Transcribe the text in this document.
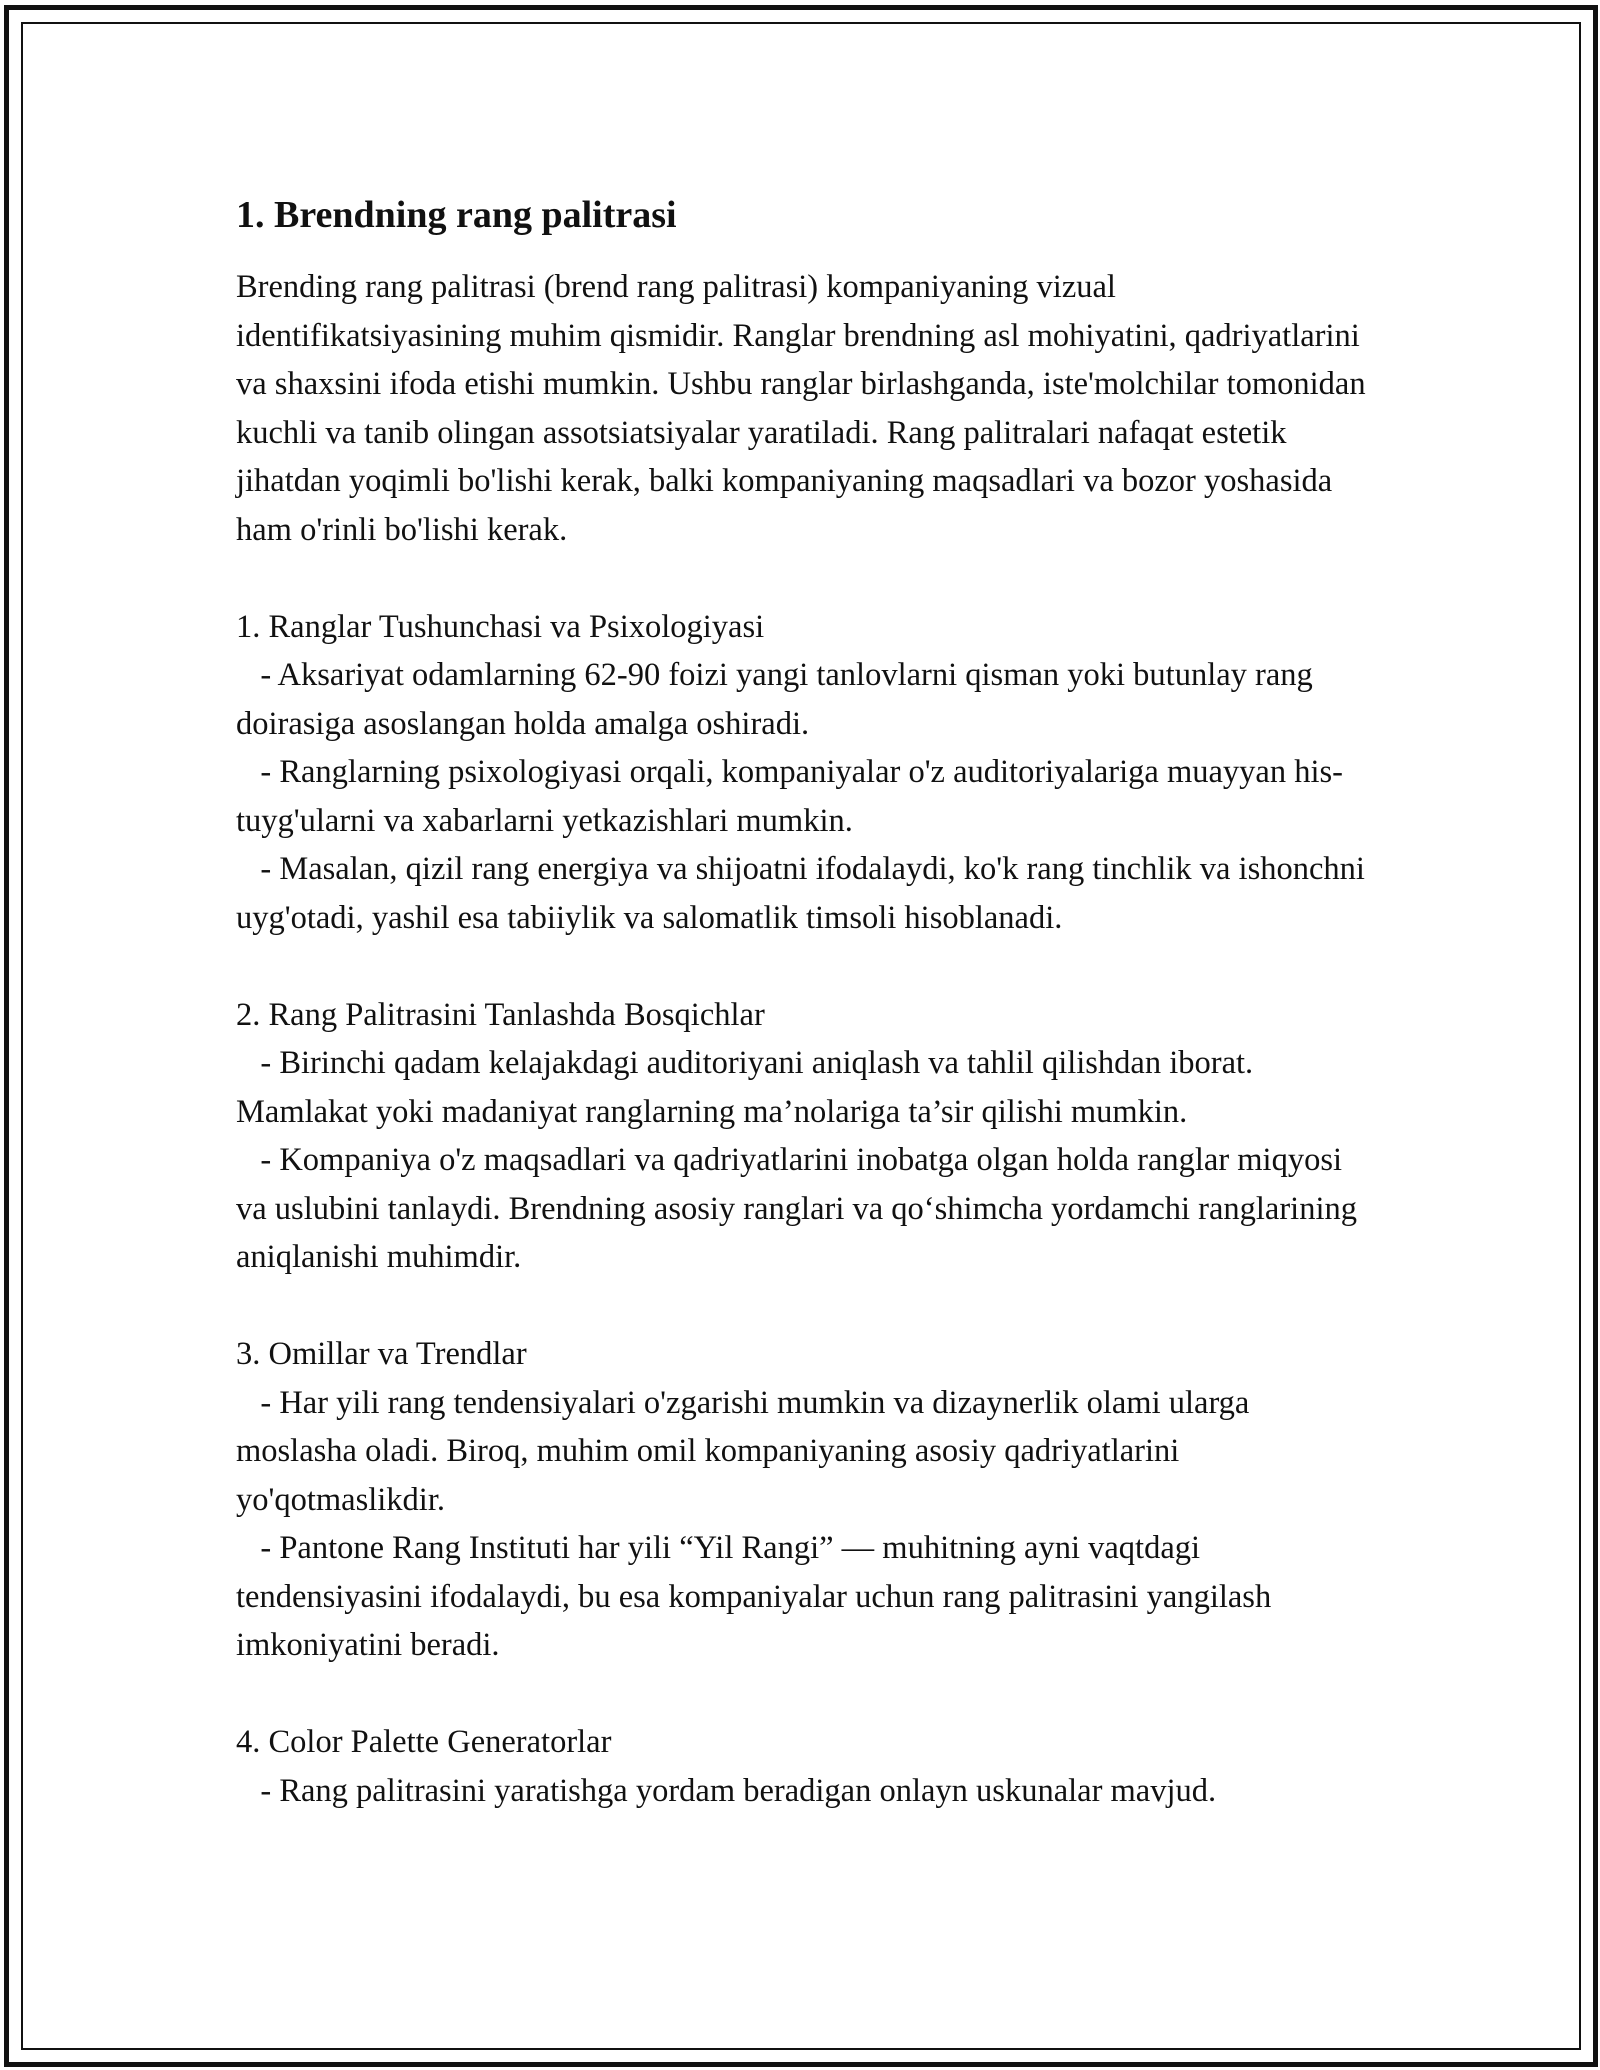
1. Brendning rang palitrasi

Brending rang palitrasi (brend rang palitrasi) kompaniyaning vizual identifikatsiyasining muhim qismidir. Ranglar brendning asl mohiyatini, qadriyatlarini va shaxsini ifoda etishi mumkin. Ushbu ranglar birlashganda, iste'molchilar tomonidan kuchli va tanib olingan assotsiatsiyalar yaratiladi. Rang palitralari nafaqat estetik jihatdan yoqimli bo'lishi kerak, balki kompaniyaning maqsadlari va bozor yoshasida ham o'rinli bo'lishi kerak.

1. Ranglar Tushunchasi va Psixologiyasi

- Aksariyat odamlarning 62-90 foizi yangi tanlovlarni qisman yoki butunlay rang doirasiga asoslangan holda amalga oshiradi.

- Ranglarning psixologiyasi orqali, kompaniyalar o'z auditoriyalariga muayyan his-tuyg'ularni va xabarlarni yetkazishlari mumkin.

- Masalan, qizil rang energiya va shijoatni ifodalaydi, ko'k rang tinchlik va ishonchni uyg'otadi, yashil esa tabiiylik va salomatlik timsoli hisoblanadi.

2. Rang Palitrasini Tanlashda Bosqichlar

- Birinchi qadam kelajakdagi auditoriyani aniqlash va tahlil qilishdan iborat. Mamlakat yoki madaniyat ranglarning ma’nolariga ta’sir qilishi mumkin.

- Kompaniya o'z maqsadlari va qadriyatlarini inobatga olgan holda ranglar miqyosi va uslubini tanlaydi. Brendning asosiy ranglari va qo‘shimcha yordamchi ranglarining aniqlanishi muhimdir.

3. Omillar va Trendlar

- Har yili rang tendensiyalari o'zgarishi mumkin va dizaynerlik olami ularga moslasha oladi. Biroq, muhim omil kompaniyaning asosiy qadriyatlarini yo'qotmaslikdir.

- Pantone Rang Instituti har yili “Yil Rangi” — muhitning ayni vaqtdagi tendensiyasini ifodalaydi, bu esa kompaniyalar uchun rang palitrasini yangilash imkoniyatini beradi.

4. Color Palette Generatorlar

- Rang palitrasini yaratishga yordam beradigan onlayn uskunalar mavjud.
